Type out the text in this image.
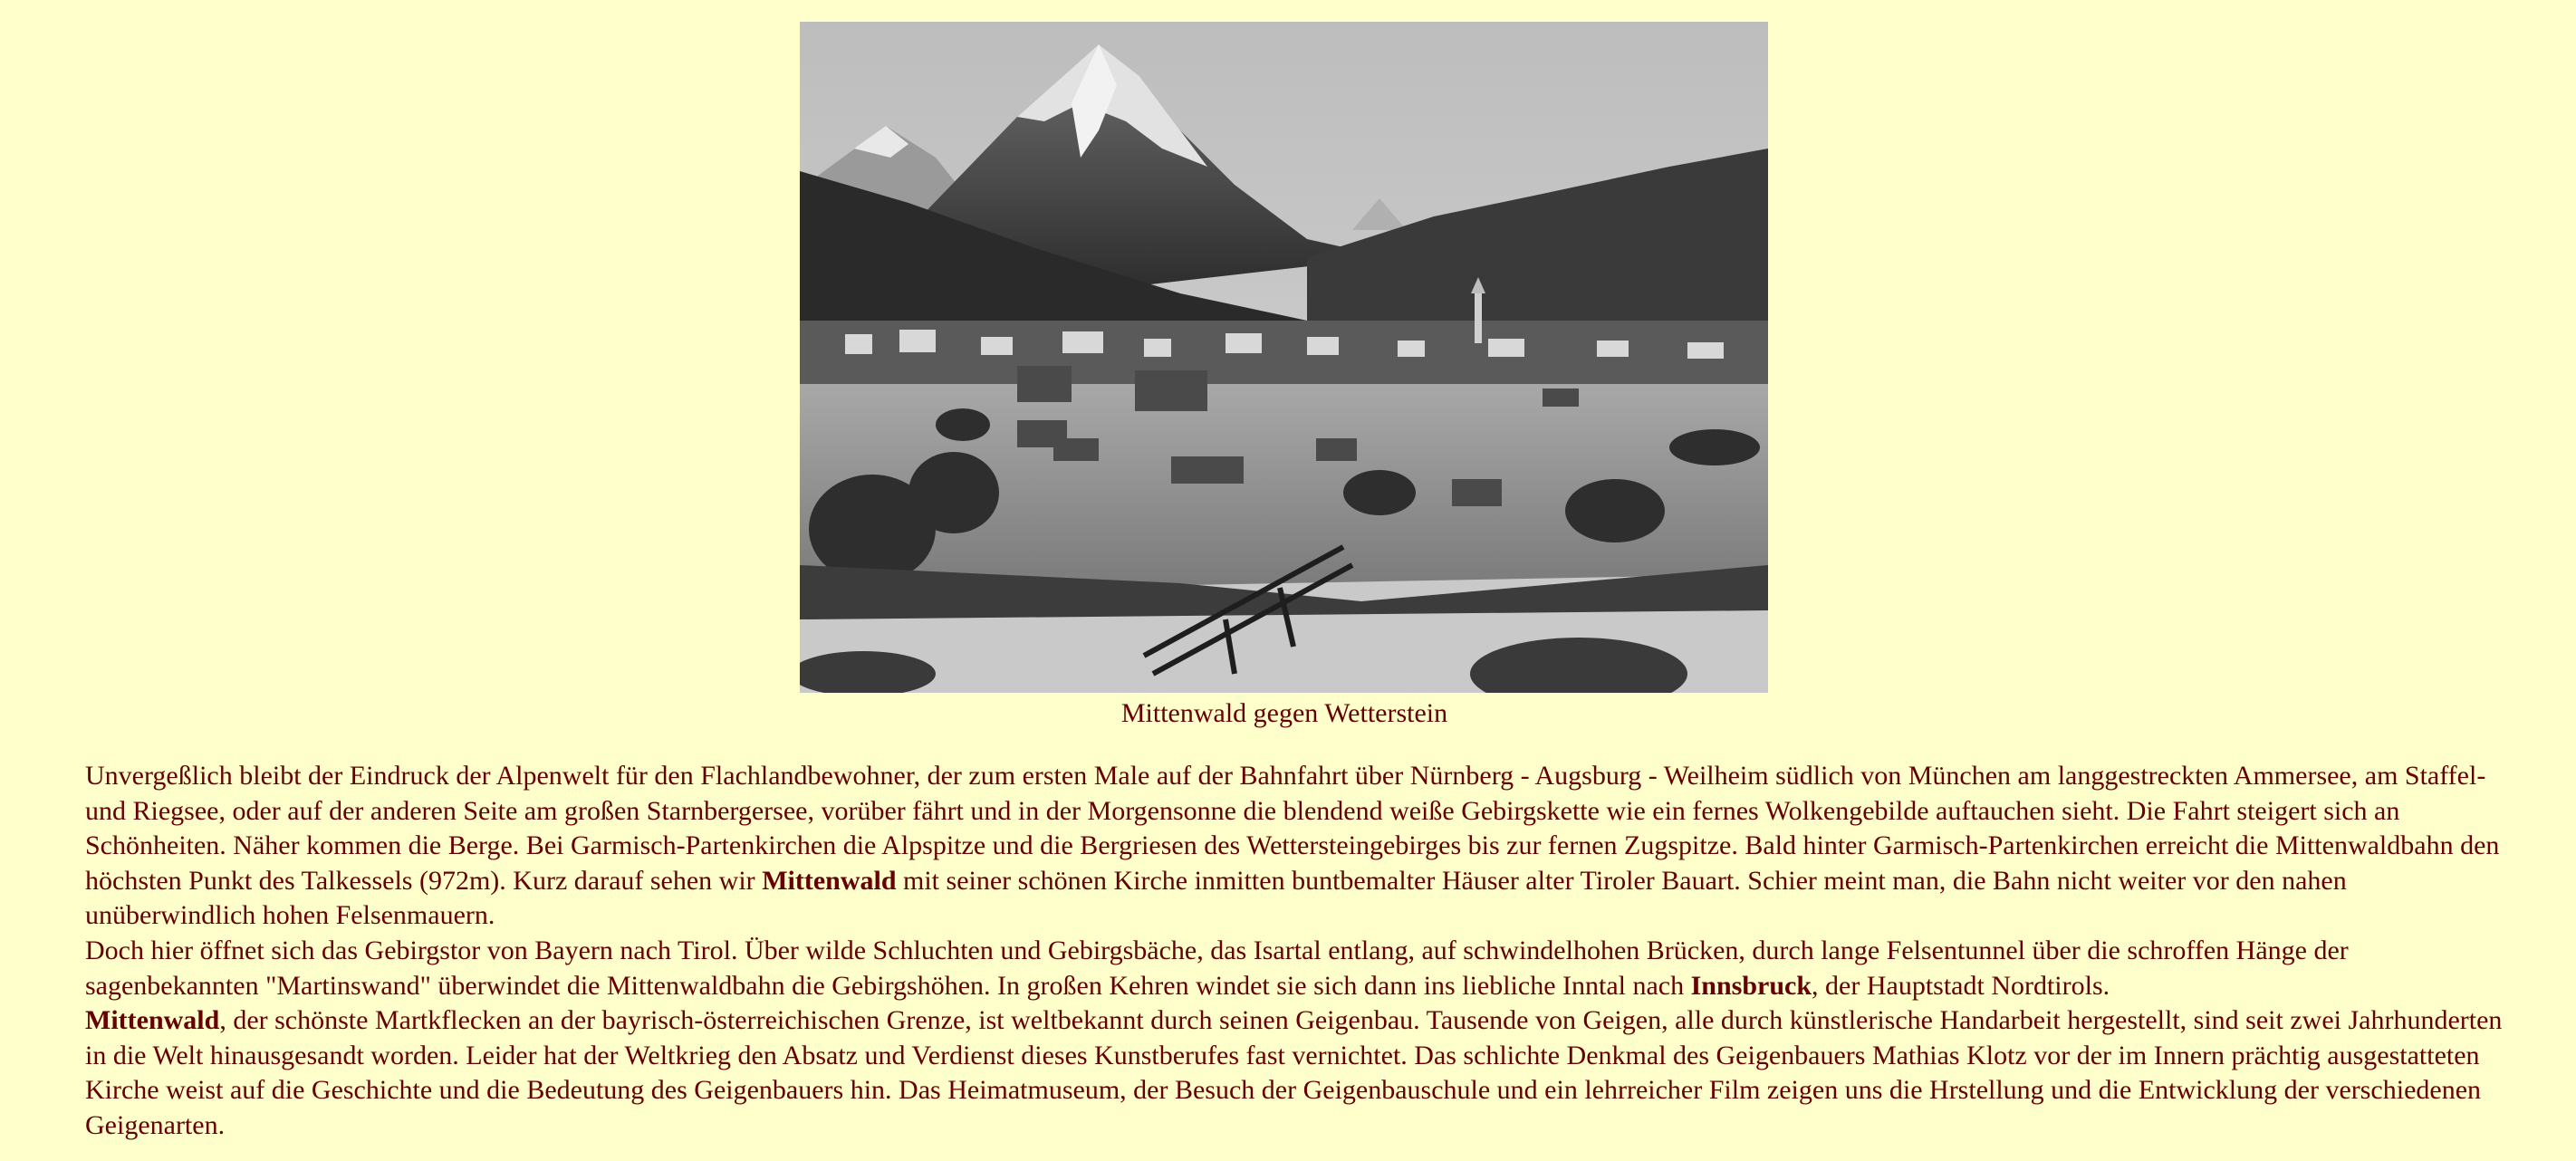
Mittenwald gegen Wetterstein

Unvergeßlich bleibt der Eindruck der Alpenwelt für den Flachlandbewohner, der zum ersten Male auf der Bahnfahrt über Nürnberg - Augsburg - Weilheim südlich von München am langgestreckten Ammersee, am Staffel- und Riegsee, oder auf der anderen Seite am großen Starnbergersee, vorüber fährt und in der Morgensonne die blendend weiße Gebirgskette wie ein fernes Wolkengebilde auftauchen sieht. Die Fahrt steigert sich an Schönheiten. Näher kommen die Berge. Bei Garmisch-Partenkirchen die Alpspitze und die Bergriesen des Wettersteingebirges bis zur fernen Zugspitze. Bald hinter Garmisch-Partenkirchen erreicht die Mittenwaldbahn den höchsten Punkt des Talkessels (972m). Kurz darauf sehen wir Mittenwald mit seiner schönen Kirche inmitten buntbemalter Häuser alter Tiroler Bauart. Schier meint man, die Bahn nicht weiter vor den nahen unüberwindlich hohen Felsenmauern.

Doch hier öffnet sich das Gebirgstor von Bayern nach Tirol. Über wilde Schluchten und Gebirgsbäche, das Isartal entlang, auf schwindelhohen Brücken, durch lange Felsentunnel über die schroffen Hänge der sagenbekannten "Martinswand" überwindet die Mittenwaldbahn die Gebirgshöhen. In großen Kehren windet sie sich dann ins liebliche Inntal nach Innsbruck, der Hauptstadt Nordtirols.

Mittenwald, der schönste Martkflecken an der bayrisch-österreichischen Grenze, ist weltbekannt durch seinen Geigenbau. Tausende von Geigen, alle durch künstlerische Handarbeit hergestellt, sind seit zwei Jahrhunderten in die Welt hinausgesandt worden. Leider hat der Weltkrieg den Absatz und Verdienst dieses Kunstberufes fast vernichtet. Das schlichte Denkmal des Geigenbauers Mathias Klotz vor der im Innern prächtig ausgestatteten Kirche weist auf die Geschichte und die Bedeutung des Geigenbauers hin. Das Heimatmuseum, der Besuch der Geigenbauschule und ein lehrreicher Film zeigen uns die Hrstellung und die Entwicklung der verschiedenen Geigenarten.
